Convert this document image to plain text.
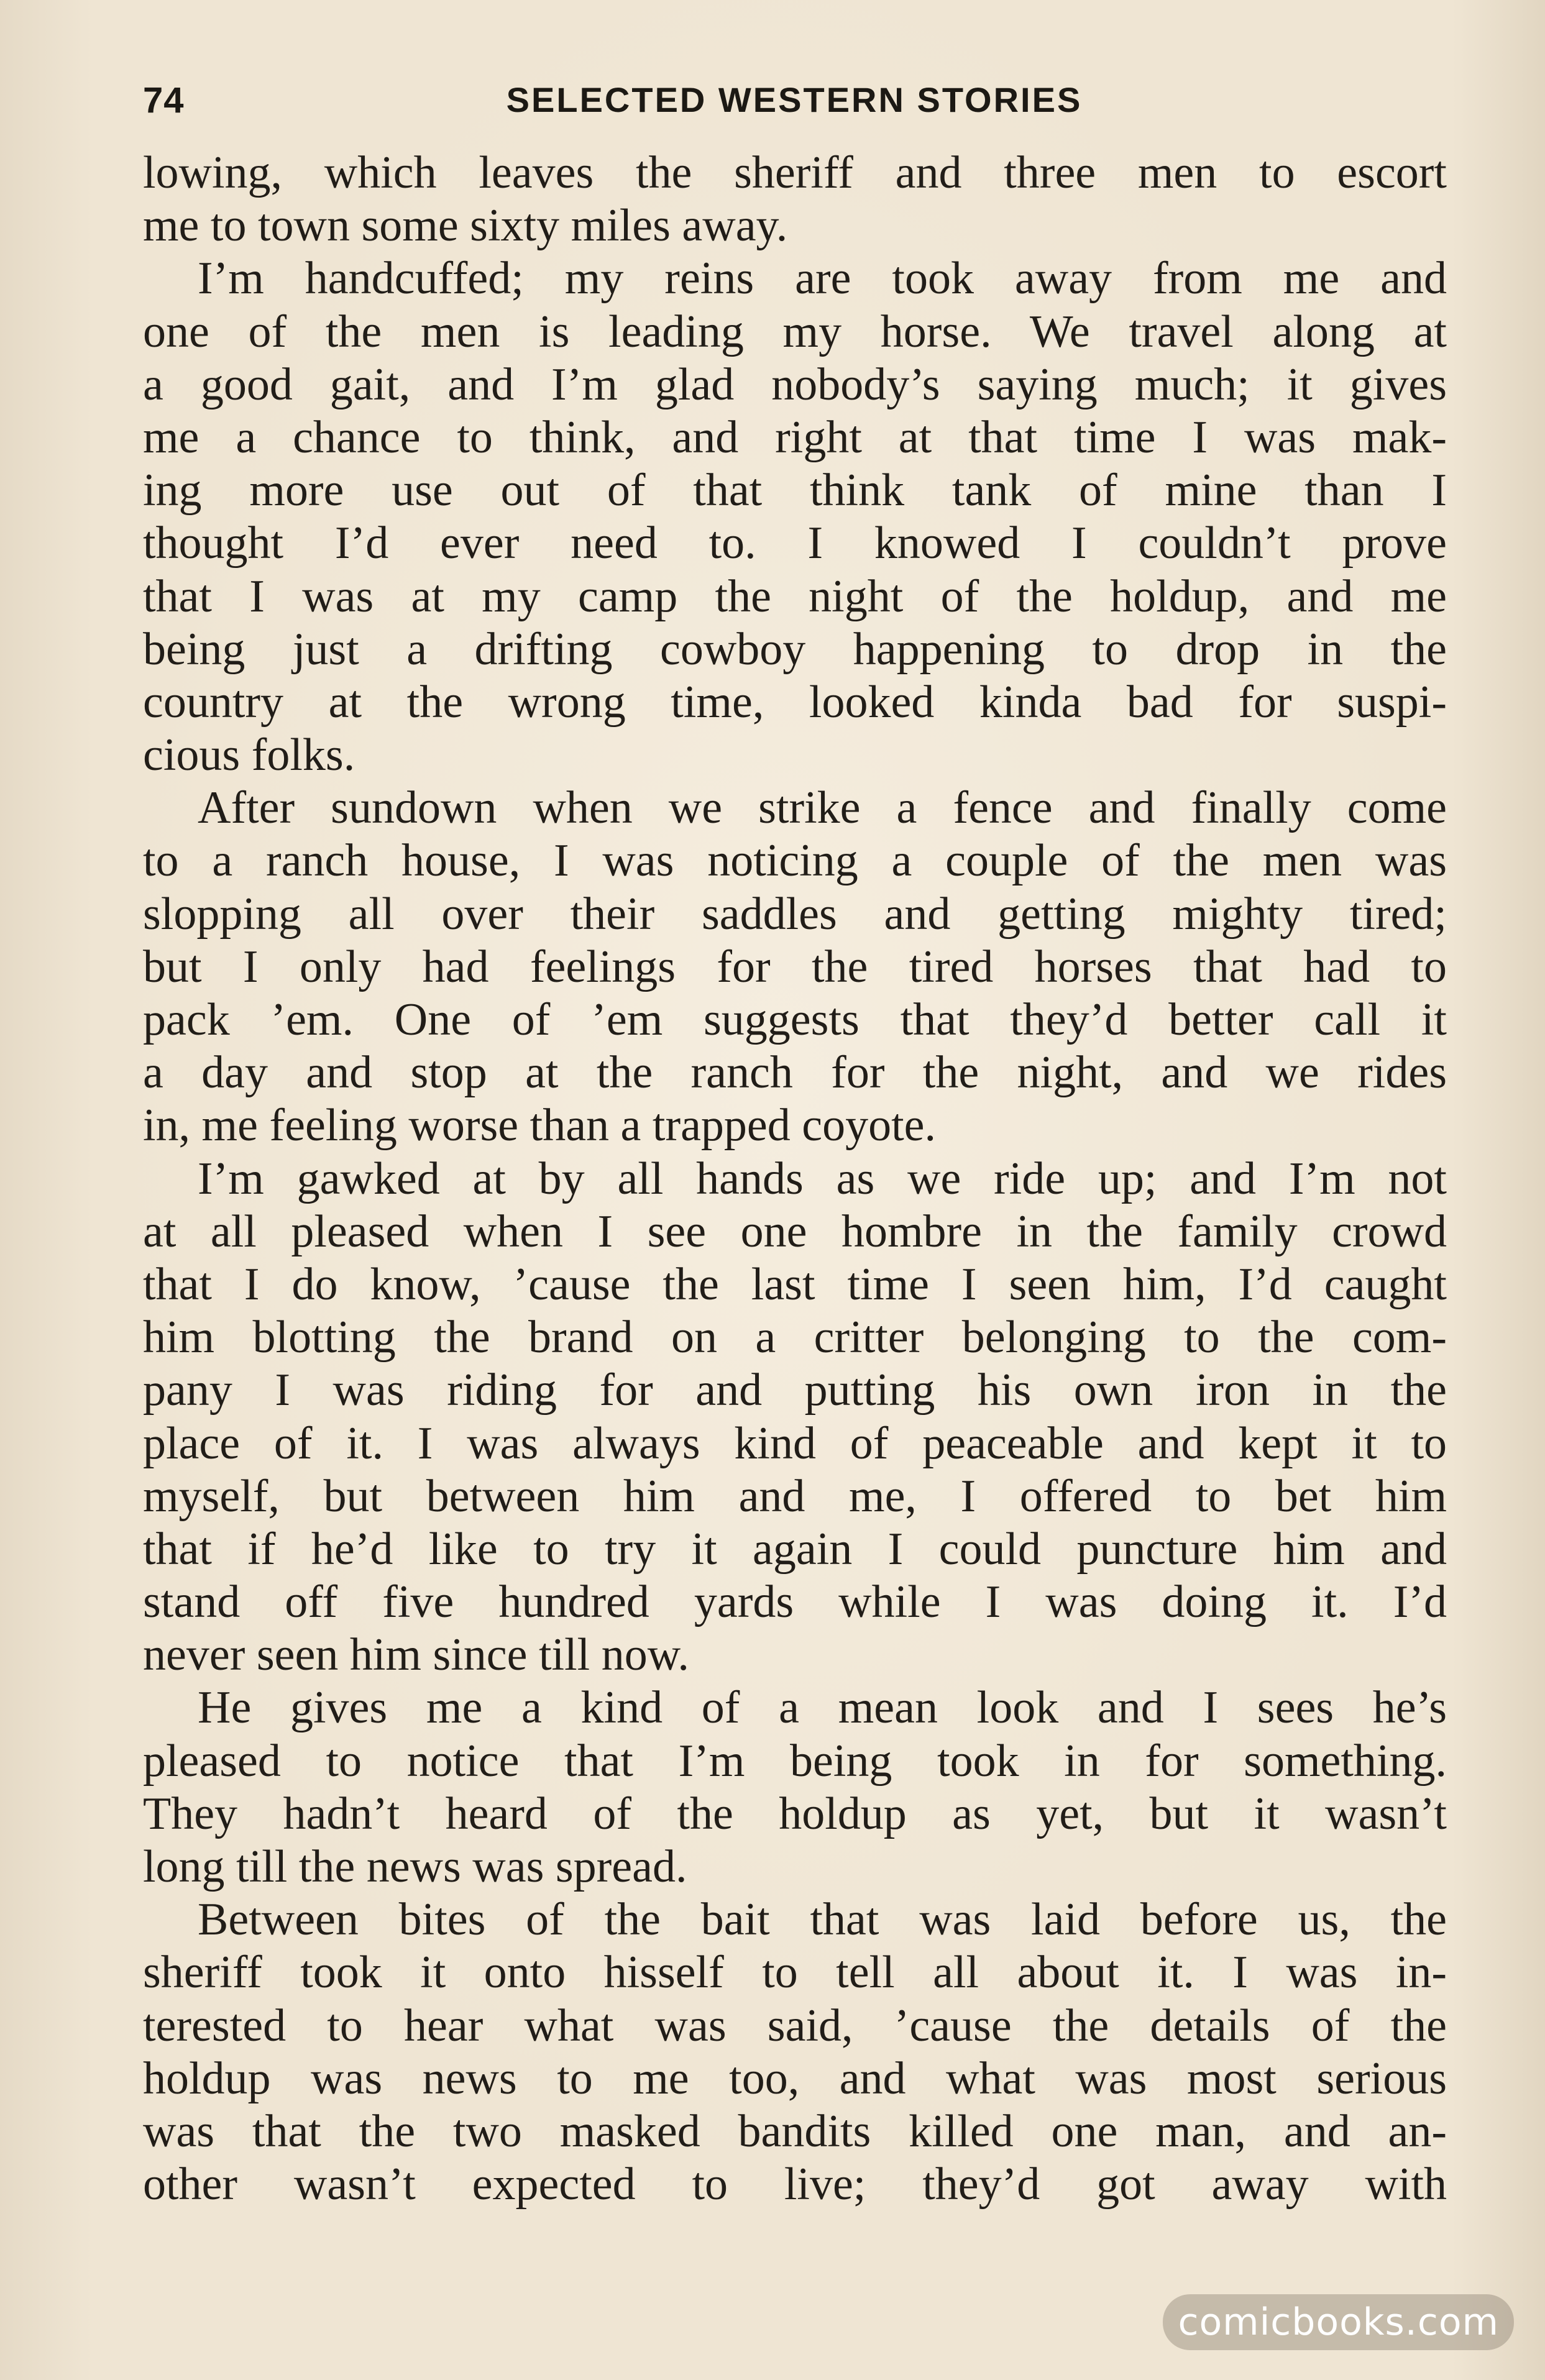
74	SELECTED WESTERN STORIES
lowing, which leaves the sheriff and three men to escort
me to town some sixty miles away.
I’m handcuffed; my reins are took away from me and
one of the men is leading my horse. We travel along at
a good gait, and I’m glad nobody’s saying much; it gives
me a chance to think, and right at that time I was mak-
ing more use out of that think tank of mine than I
thought I’d ever need to. I knowed I couldn’t prove
that I was at my camp the night of the holdup, and me
being just a drifting cowboy happening to drop in the
country at the wrong time, looked kinda bad for suspi-
cious folks.
After sundown when we strike a fence and finally come
to a ranch house, I was noticing a couple of the men was
slopping all over their saddles and getting mighty tired;
but I only had feelings for the tired horses that had to
pack ’em. One of ’em suggests that they’d better call it
a day and stop at the ranch for the night, and we rides
in, me feeling worse than a trapped coyote.
I’m gawked at by all hands as we ride up; and I’m not
at all pleased when I see one hombre in the family crowd
that I do know, ’cause the last time I seen him, I’d caught
him blotting the brand on a critter belonging to the com-
pany I was riding for and putting his own iron in the
place of it. I was always kind of peaceable and kept it to
myself, but between him and me, I offered to bet him
that if he’d like to try it again I could puncture him and
stand off five hundred yards while I was doing it. I’d
never seen him since till now.
He gives me a kind of a mean look and I sees he’s
pleased to notice that I’m being took in for something.
They hadn’t heard of the holdup as yet, but it wasn’t
long till the news was spread.
Between bites of the bait that was laid before us, the
sheriff took it onto hisself to tell all about it. I was in-
terested to hear what was said, ’cause the details of the
holdup was news to me too, and what was most serious
was that the two masked bandits killed one man, and an-
other wasn’t expected to live; they’d got away with
comicbooks.com
